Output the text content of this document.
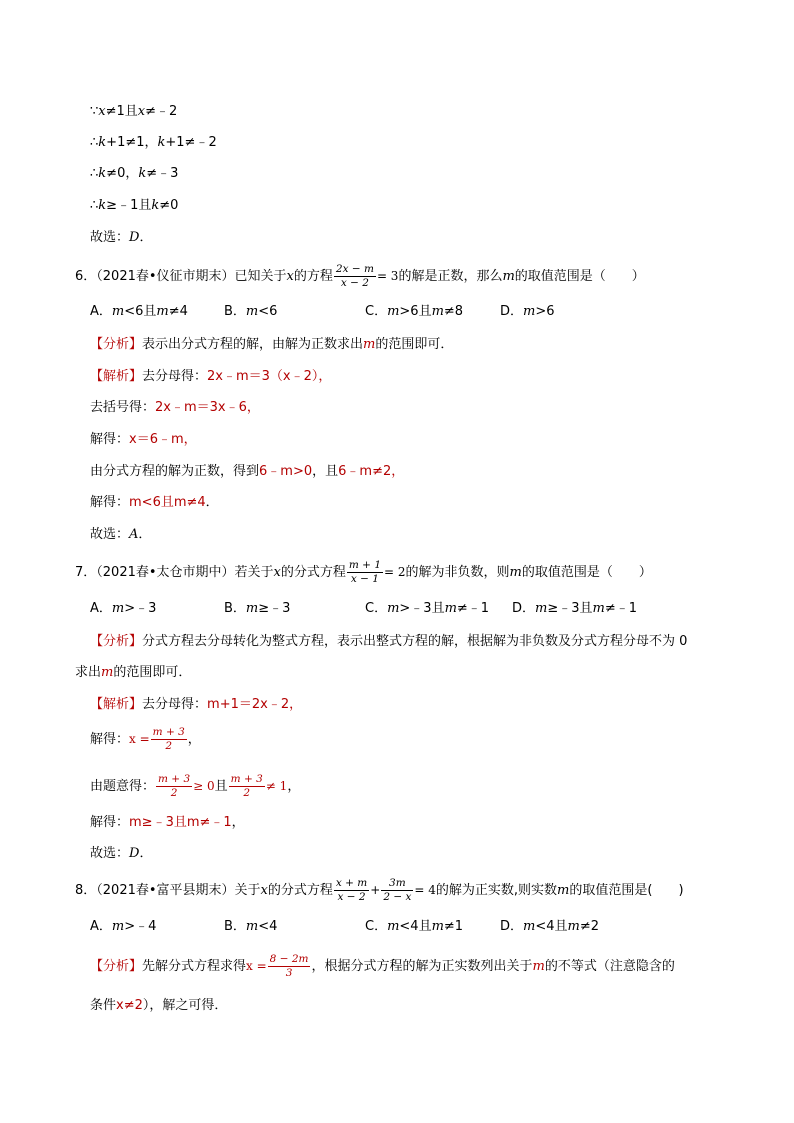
∵x≠1且x≠﹣2
∴k+1≠1，k+1≠﹣2
∴k≠0，k≠﹣3
∴k≥﹣1且k≠0
故选：D．
6．（2021春•仪征市期末）已知关于x的方程 $\frac{2x - m}{x - 2} = 3$的解是正数，那么m的取值范围是（　　）
A．m<6且m≠4	B．m<6	C．m>6且m≠8	D．m>6
【分析】表示出分式方程的解，由解为正数求出m的范围即可．
【解析】去分母得：2x﹣m＝3（x﹣2），
去括号得：2x﹣m＝3x﹣6，
解得：x＝6﹣m，
由分式方程的解为正数，得到6﹣m>0，且6﹣m≠2，
解得：m<6且m≠4．
故选：A．
7．（2021春•太仓市期中）若关于x的分式方程 $\frac{m + 1}{x - 1} = 2$的解为非负数，则m的取值范围是（　　）
A．m>﹣3	B．m≥﹣3	C．m>﹣3且m≠﹣1 D．m≥﹣3且m≠﹣1
【分析】分式方程去分母转化为整式方程，表示出整式方程的解，根据解为非负数及分式方程分母不为 0
求出m的范围即可．
【解析】去分母得：m+1＝2x﹣2，
解得：$x = \frac{m + 3}{2}$ ，
由题意得： $\frac{m + 3}{2} \ge 0$且 $\frac{m + 3}{2} \ne 1$，
解得：m≥﹣3且m≠﹣1，
故选：D．
8．（2021春•富平县期末）关于x的分式方程 $\frac{x + m}{x - 2} + \frac{3m}{2 - x} = 4$的解为正实数,则实数m的取值范围是(　　)
A．m>﹣4	B．m<4	C．m<4且m≠1	D．m<4且m≠2
【分析】先解分式方程求得$x = \frac{8 - 2m}{3}$ ，根据分式方程的解为正实数列出关于m的不等式（注意隐含的
条件x≠2），解之可得．
